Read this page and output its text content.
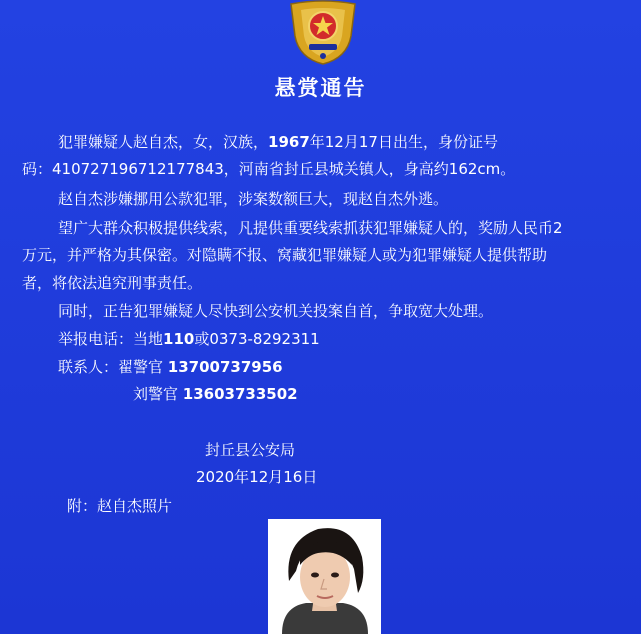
悬赏通告
犯罪嫌疑人赵自杰，女，汉族，1967年12月17日出生，身份证号
码：410727196712177843，河南省封丘县城关镇人，身高约162cm。
赵自杰涉嫌挪用公款犯罪，涉案数额巨大，现赵自杰外逃。
望广大群众积极提供线索，凡提供重要线索抓获犯罪嫌疑人的，奖励人民币2
万元，并严格为其保密。对隐瞒不报、窝藏犯罪嫌疑人或为犯罪嫌疑人提供帮助
者，将依法追究刑事责任。
同时，正告犯罪嫌疑人尽快到公安机关投案自首，争取宽大处理。
举报电话：当地110或0373-8292311
联系人：翟警官 13700737956
刘警官 13603733502
封丘县公安局
2020年12月16日
附：赵自杰照片
